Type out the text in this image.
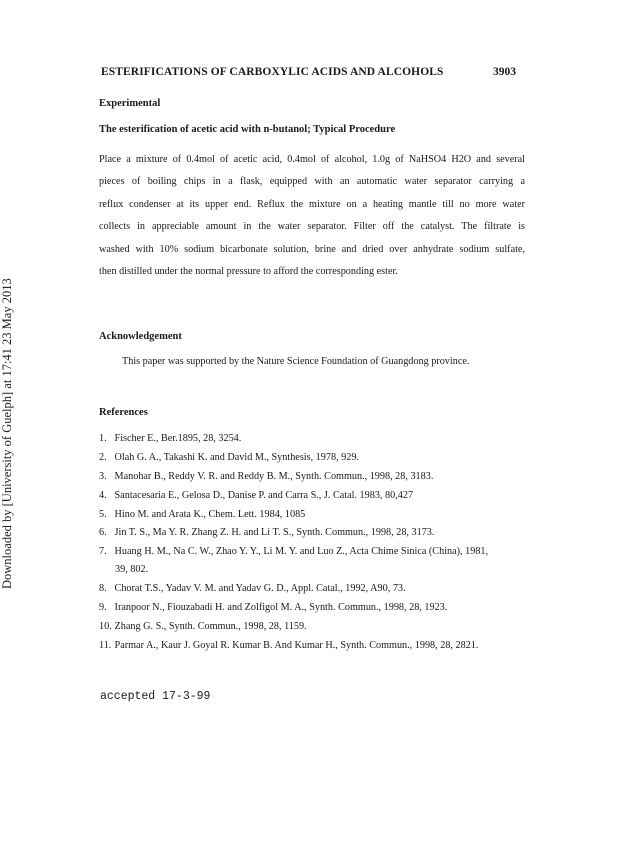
Downloaded by [University of Guelph] at 17:41 23 May 2013
ESTERIFICATIONS OF CARBOXYLIC ACIDS AND ALCOHOLS	3903
Experimental
The esterification of acetic acid with n-butanol; Typical Procedure
Place a mixture of 0.4mol of acetic acid, 0.4mol of alcohol, 1.0g of NaHSO4 H2O and several
pieces of boiling chips in a flask, equipped with an automatic water separator carrying a
reflux condenser at its upper end. Reflux the mixture on a heating mantle till no more water
collects in appreciable amount in the water separator. Filter off the catalyst. The filtrate is
washed with 10% sodium bicarbonate solution, brine and dried over anhydrate sodium sulfate,
then distilled under the normal pressure to afford the corresponding ester.
Acknowledgement
This paper was supported by the Nature Science Foundation of Guangdong province.
References
1. Fischer E., Ber.1895, 28, 3254.
2. Olah G. A., Takashi K. and David M., Synthesis, 1978, 929.
3. Manohar B., Reddy V. R. and Reddy B. M., Synth. Commun., 1998, 28, 3183.
4. Santacesaria E., Gelosa D., Danise P. and Carra S., J. Catal. 1983, 80,427
5. Hino M. and Arata K., Chem. Lett. 1984, 1085
6. Jin T. S., Ma Y. R. Zhang Z. H. and Li T. S., Synth. Commun., 1998, 28, 3173.
7. Huang H. M., Na C. W., Zhao Y. Y., Li M. Y. and Luo Z., Acta Chime Sinica (China), 1981,
39, 802.
8. Chorat T.S., Yadav V. M. and Yadav G. D., Appl. Catal., 1992, A90, 73.
9. Iranpoor N., Fiouzabadi H. and Zolfigol M. A., Synth. Commun., 1998, 28, 1923.
10. Zhang G. S., Synth. Commun., 1998, 28, 1159.
11. Parmar A., Kaur J. Goyal R. Kumar B. And Kumar H., Synth. Commun., 1998, 28, 2821.
accepted 17-3-99
